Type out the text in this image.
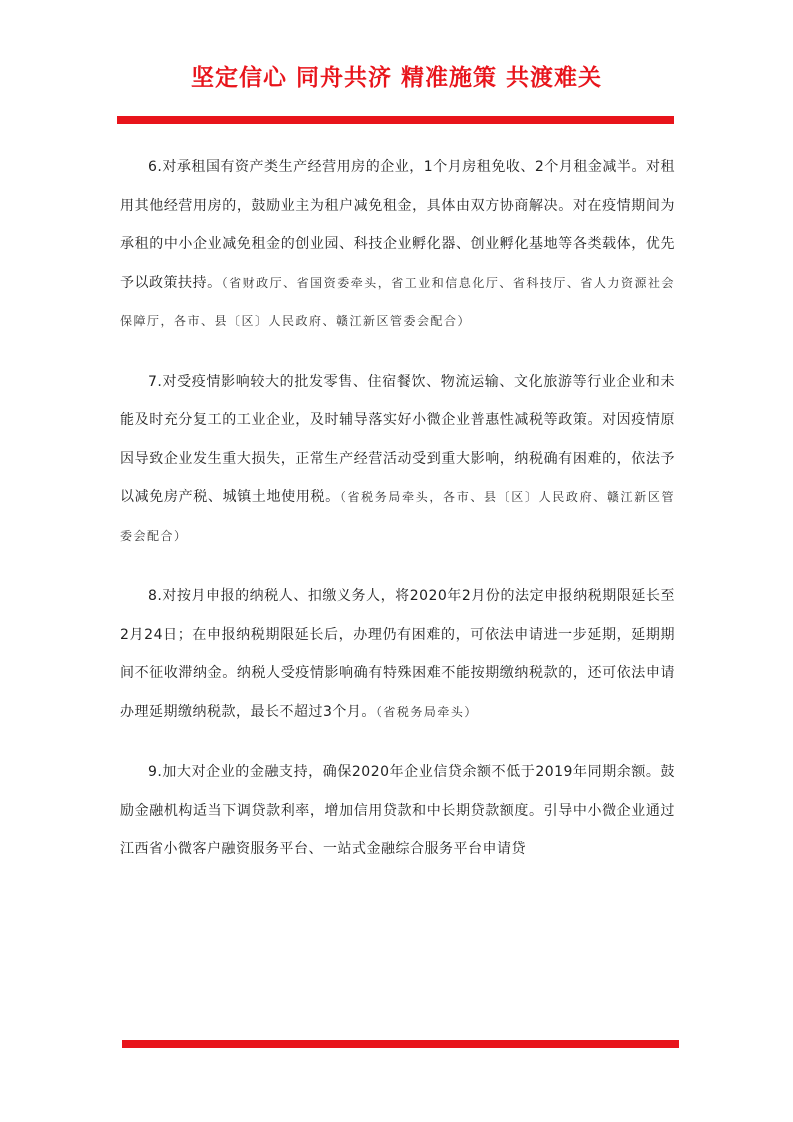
坚定信心 同舟共济 精准施策 共渡难关

6.对承租国有资产类生产经营用房的企业，1个月房租免收、2个月租金减半。对租用其他经营用房的，鼓励业主为租户减免租金，具体由双方协商解决。对在疫情期间为承租的中小企业减免租金的创业园、科技企业孵化器、创业孵化基地等各类载体，优先予以政策扶持。（省财政厅、省国资委牵头，省工业和信息化厅、省科技厅、省人力资源社会保障厅，各市、县〔区〕人民政府、赣江新区管委会配合）

7.对受疫情影响较大的批发零售、住宿餐饮、物流运输、文化旅游等行业企业和未能及时充分复工的工业企业，及时辅导落实好小微企业普惠性减税等政策。对因疫情原因导致企业发生重大损失，正常生产经营活动受到重大影响，纳税确有困难的，依法予以减免房产税、城镇土地使用税。（省税务局牵头，各市、县〔区〕人民政府、赣江新区管委会配合）

8.对按月申报的纳税人、扣缴义务人，将2020年2月份的法定申报纳税期限延长至2月24日；在申报纳税期限延长后，办理仍有困难的，可依法申请进一步延期，延期期间不征收滞纳金。纳税人受疫情影响确有特殊困难不能按期缴纳税款的，还可依法申请办理延期缴纳税款，最长不超过3个月。（省税务局牵头）

9.加大对企业的金融支持，确保2020年企业信贷余额不低于2019年同期余额。鼓励金融机构适当下调贷款利率，增加信用贷款和中长期贷款额度。引导中小微企业通过江西省小微客户融资服务平台、一站式金融综合服务平台申请贷
